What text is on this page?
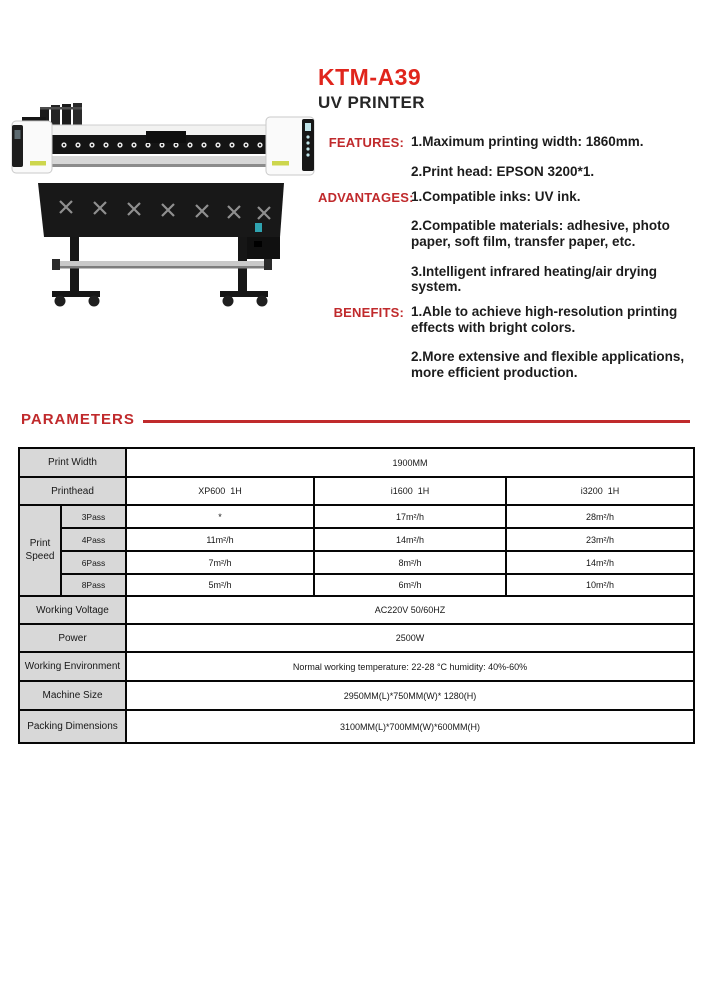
KTM-A39
UV PRINTER
FEATURES: 1.Maximum printing width: 1860mm.
2.Print head: EPSON 3200*1.
ADVANTAGES:
1.Compatible inks: UV ink.
2.Compatible materials: adhesive, photo paper, soft film, transfer paper, etc.
3.Intelligent infrared heating/air drying system.
BENEFITS: 1.Able to achieve high-resolution printing effects with bright colors.
2.More extensive and flexible applications, more efficient production.
PARAMETERS
Print Width		1900MM		
Printhead		XP600  1H	i1600  1H	i3200  1H
Print Speed	3Pass	*	17m²/h	28m²/h
	4Pass	11m²/h	14m²/h	23m²/h
	6Pass	7m²/h	8m²/h	14m²/h
	8Pass	5m²/h	6m²/h	10m²/h
Working Voltage		AC220V 50/60HZ		
Power		2500W		
Working Environment		Normal working temperature: 22-28 °C humidity: 40%-60%		
Machine Size		2950MM(L)*750MM(W)* 1280(H)		
Packing Dimensions		3100MM(L)*700MM(W)*600MM(H)		
